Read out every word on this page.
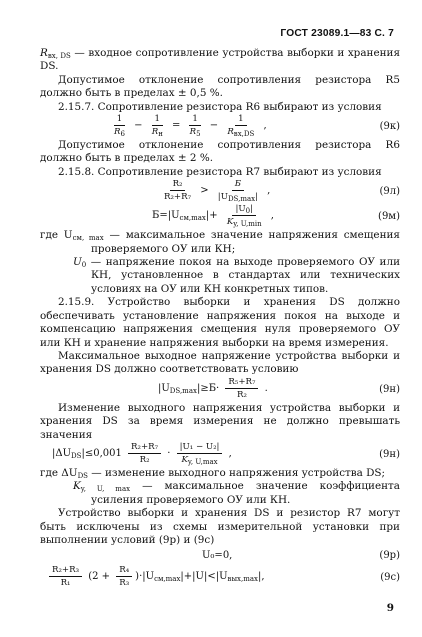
ГОСТ 23089.1—83 С. 7

$R_{вх, DS}$ — входное сопротивление устройства выборки и хранения DS.

Допустимое отклонение сопротивления резистора R5 должно быть в пределах ± 0,5 %.

2.15.7. Сопротивление резистора R6 выбирают из условия

$\frac{1}{R_6} - \frac{1}{R_н} = \frac{1}{R_5} - \frac{1}{R_{вх,DS}}$ ,	(9к)

Допустимое отклонение сопротивления резистора R6 должно быть в пределах ± 2 %.

2.15.8. Сопротивление резистора R7 выбирают из условия

$\frac{\text{R₂}}{\text{R₂+R₇}} > \frac{Б}{|U_{DS,max}|}$ ,	(9л)
$Б=|U_{см,max}|+ \frac{|U_0|}{K_{y, U,min}}$ ,	(9м)

где $U_{см, max}$ — максимальное значение напряжения смещения проверяемого ОУ или КН;

$U_0$ — напряжение покоя на выходе проверяемого ОУ или КН, установленное в стандартах или технических условиях на ОУ или КН конкретных типов.

2.15.9. Устройство выборки и хранения DS должно обеспечивать установление напряжения покоя на выходе и компенсацию напряжения смещения нуля проверяемого ОУ или КН и хранение напряжения выборки на время измерения.

Максимальное выходное напряжение устройства выборки и хранения DS должно соответствовать условию

$|U_{DS,max}|\ge Б\cdot \frac{\text{R₅+R₇}}{\text{R₂}}$ .	(9н)

Изменение выходного напряжения устройства выборки и хранения DS за время измерения не должно превышать значения

$|\Delta U_{DS}|\le 0,001 \frac{\text{R₂+R₇}}{\text{R₂}} \cdot \frac{\text{|U₁ − U₂|}}{K_{y, U,max}}$ ,	(9н)

где $\Delta U_{DS}$ — изменение выходного напряжения устройства DS;

$K_{y, U, max}$ — максимальное значение коэффициента усиления проверяемого ОУ или КН.

Устройство выборки и хранения DS и резистор R7 могут быть исключены из схемы измерительной установки при выполнении условий (9р) и (9с)

U₀=0,	(9р)
$\frac{\text{R₂+R₃}}{\text{R₁}} (2 + \frac{\text{R₄}}{\text{R₃}} )\cdot|U_{см,max}|+|U|<|U_{вых,max}|$,	(9с)
9
